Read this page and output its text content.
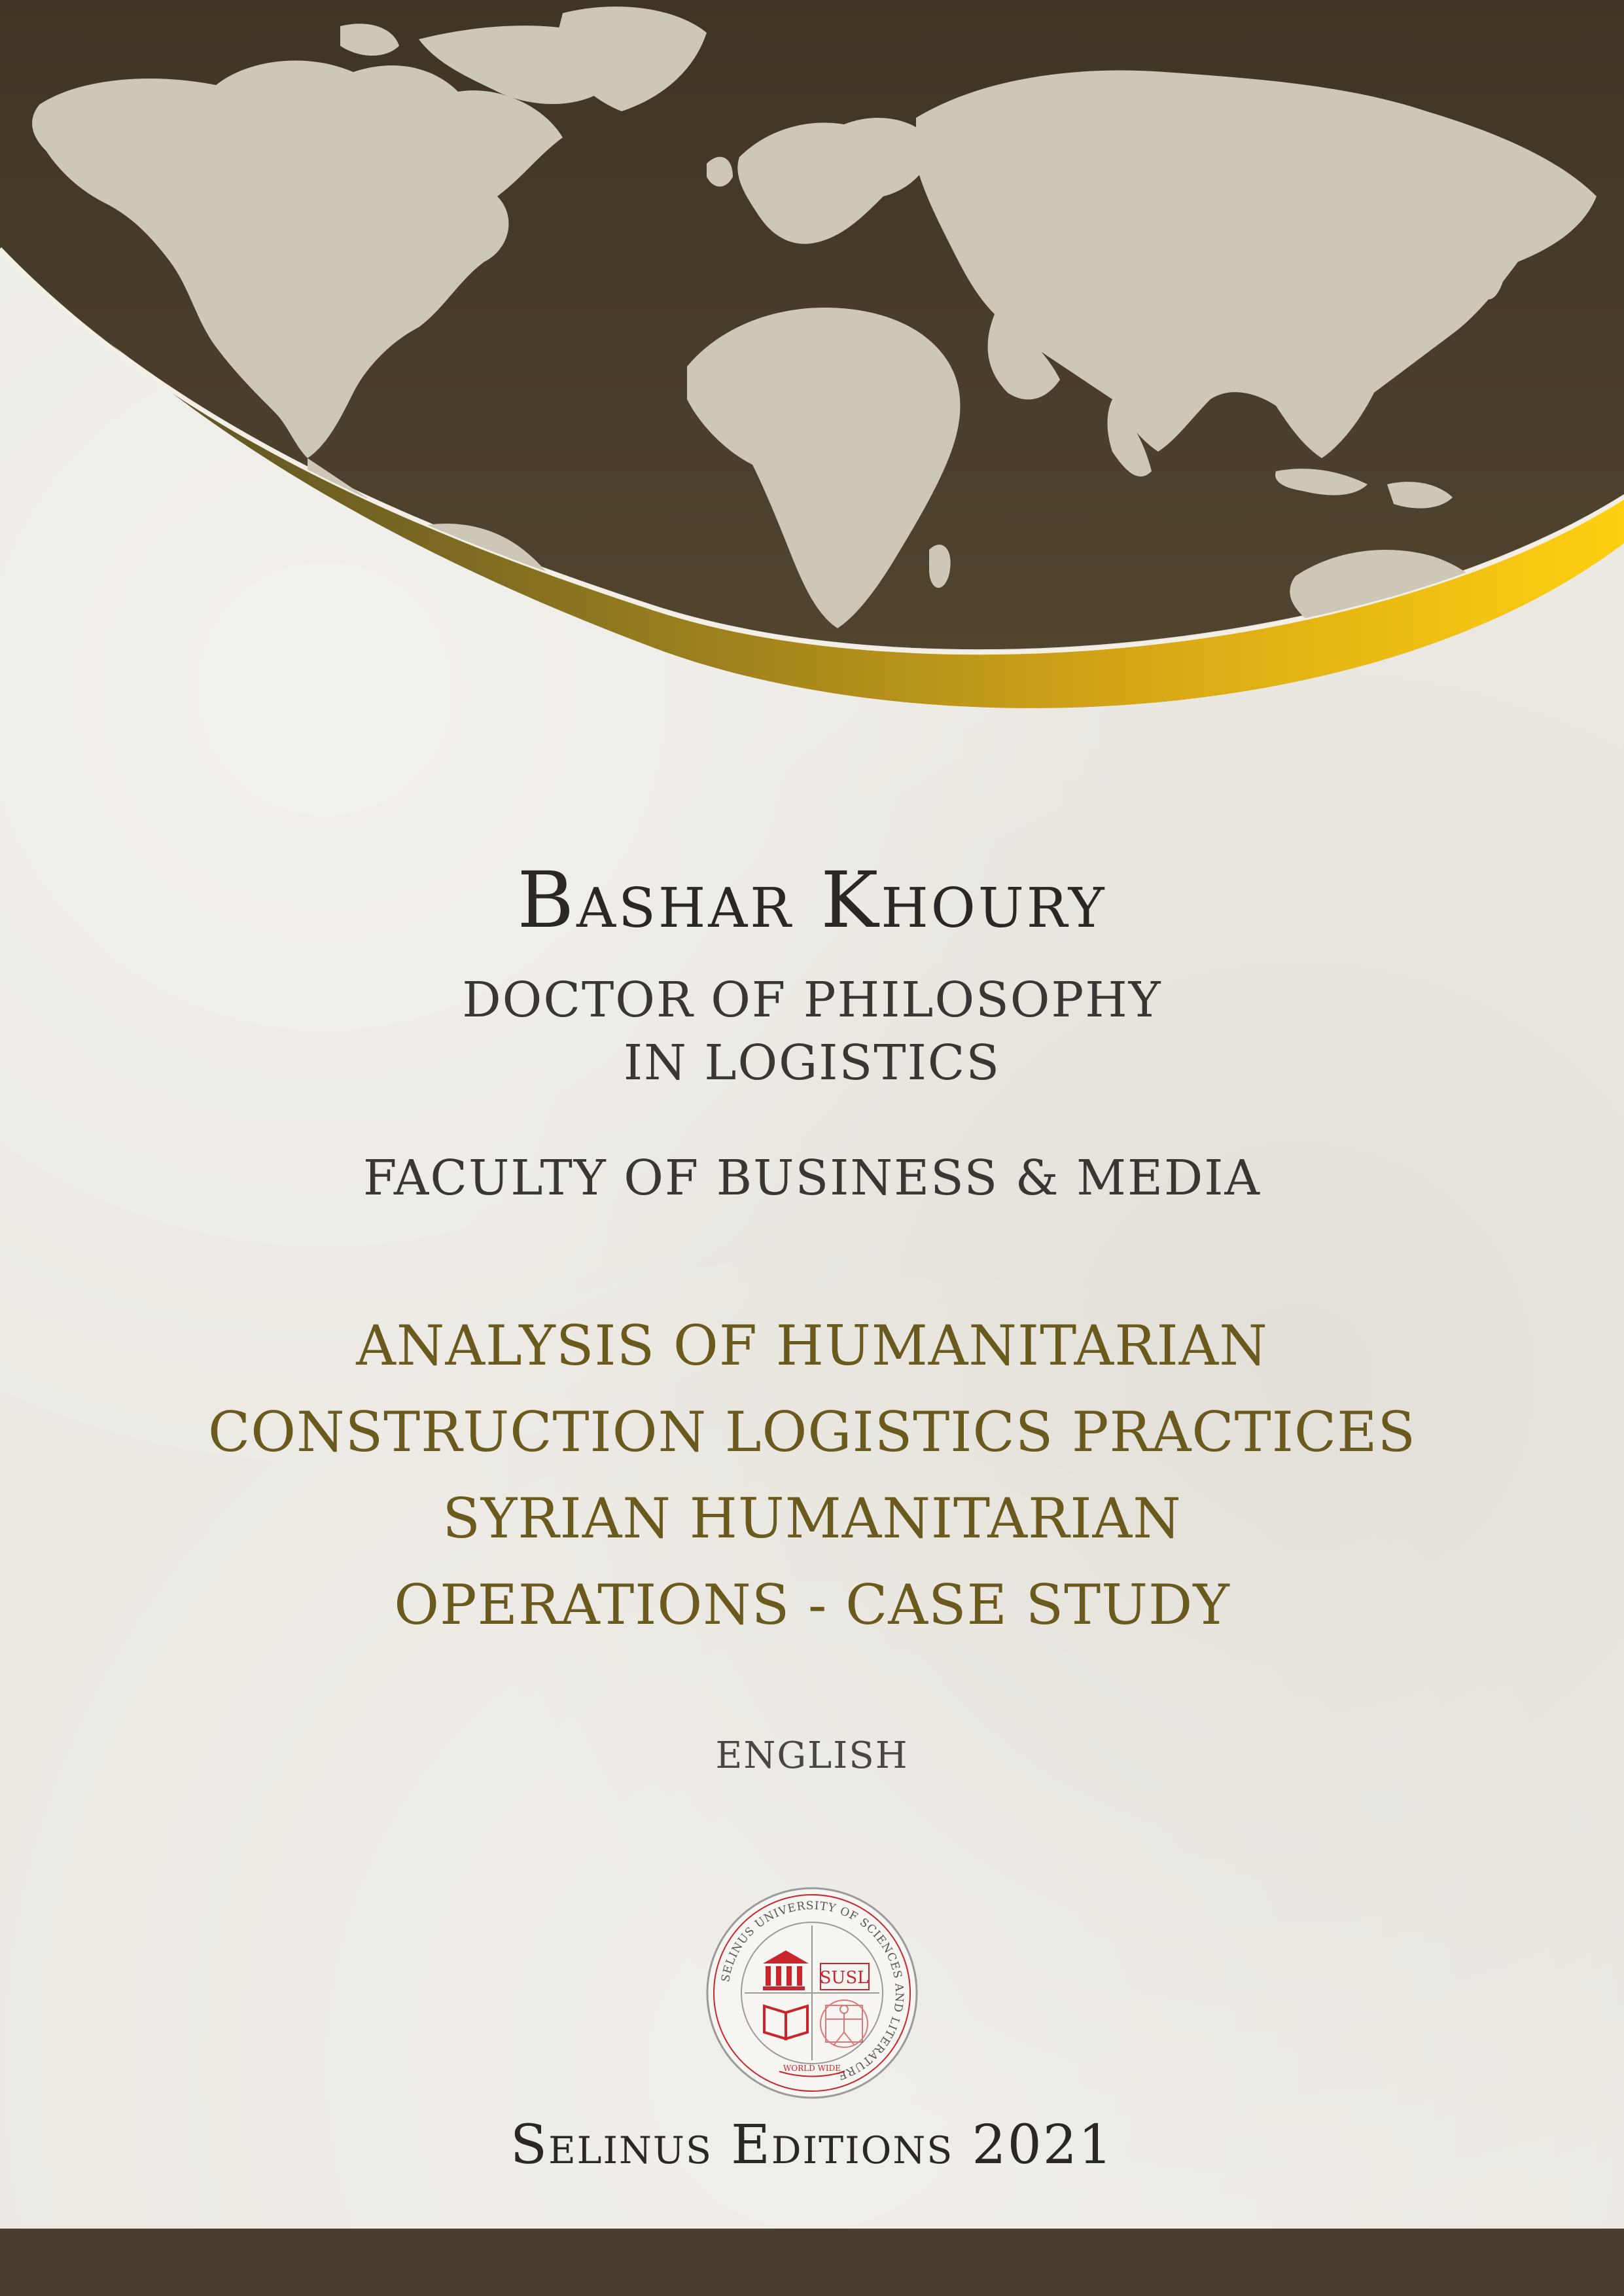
Bashar Khoury
DOCTOR OF PHILOSOPHY
IN LOGISTICS
FACULTY OF BUSINESS & MEDIA
ANALYSIS OF HUMANITARIAN
CONSTRUCTION LOGISTICS PRACTICES
SYRIAN HUMANITARIAN
OPERATIONS - CASE STUDY
ENGLISH
SELINUS UNIVERSITY OF SCIENCES AND LITERATURE
SUSL
WORLD WIDE
Selinus Editions 2021
